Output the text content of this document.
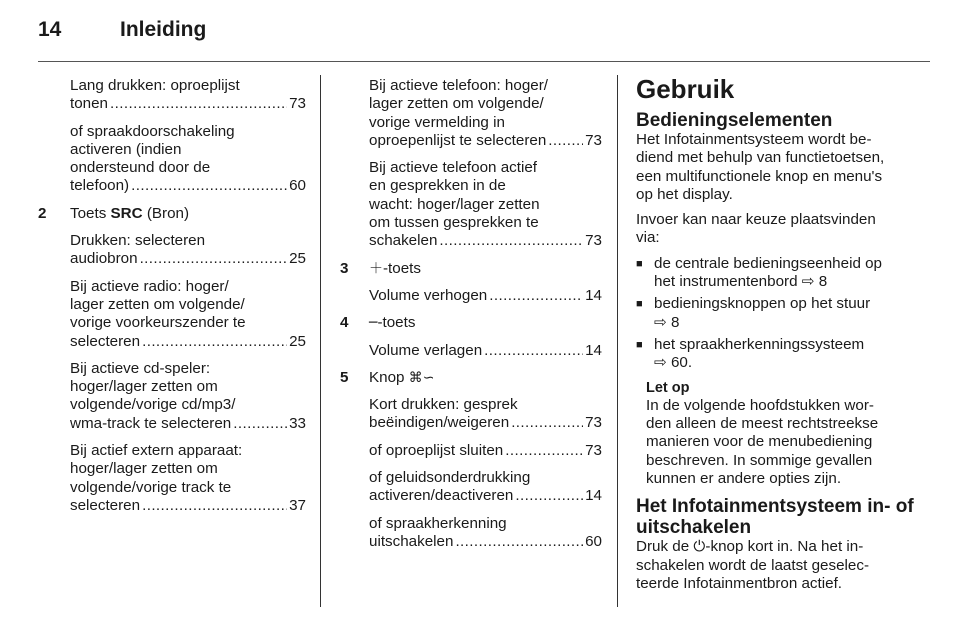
14	Inleiding
Lang drukken: oproeplijst
tonen .....	73
of spraakdoorschakeling
activeren (indien
ondersteund door de
telefoon) .....	60
2	Toets SRC (Bron)
Drukken: selecteren
audiobron .....	25
Bij actieve radio: hoger/
lager zetten om volgende/
vorige voorkeurszender te
selecteren .....	25
Bij actieve cd-speler:
hoger/lager zetten om
volgende/vorige cd/mp3/
wma-track te selecteren .....	33
Bij actief extern apparaat:
hoger/lager zetten om
volgende/vorige track te
selecteren .....	37
Bij actieve telefoon: hoger/
lager zetten om volgende/
vorige vermelding in
oproepenlijst te selecteren .....	73
Bij actieve telefoon actief
en gesprekken in de
wacht: hoger/lager zetten
om tussen gesprekken te
schakelen .....	73
3	＋-toets
Volume verhogen .....	14
4	─-toets
Volume verlagen .....	14
5	Knop ⌘∽
Kort drukken: gesprek
beëindigen/weigeren .....	73
of oproeplijst sluiten .....	73
of geluidsonderdrukking
activeren/deactiveren .....	14
of spraakherkenning
uitschakelen .....	60
Gebruik
Bedieningselementen
Het Infotainmentsysteem wordt be-
diend met behulp van functietoetsen,
een multifunctionele knop en menu's
op het display.
Invoer kan naar keuze plaatsvinden
via:
■ de centrale bedieningseenheid op
het instrumentenbord ⇨ 8
■ bedieningsknoppen op het stuur
⇨ 8
■ het spraakherkenningssysteem
⇨ 60.
Let op
In de volgende hoofdstukken wor-
den alleen de meest rechtstreekse
manieren voor de menubediening
beschreven. In sommige gevallen
kunnen er andere opties zijn.
Het Infotainmentsysteem in- of
uitschakelen
Druk de ⏻-knop kort in. Na het in-
schakelen wordt de laatst geselec-
teerde Infotainmentbron actief.
